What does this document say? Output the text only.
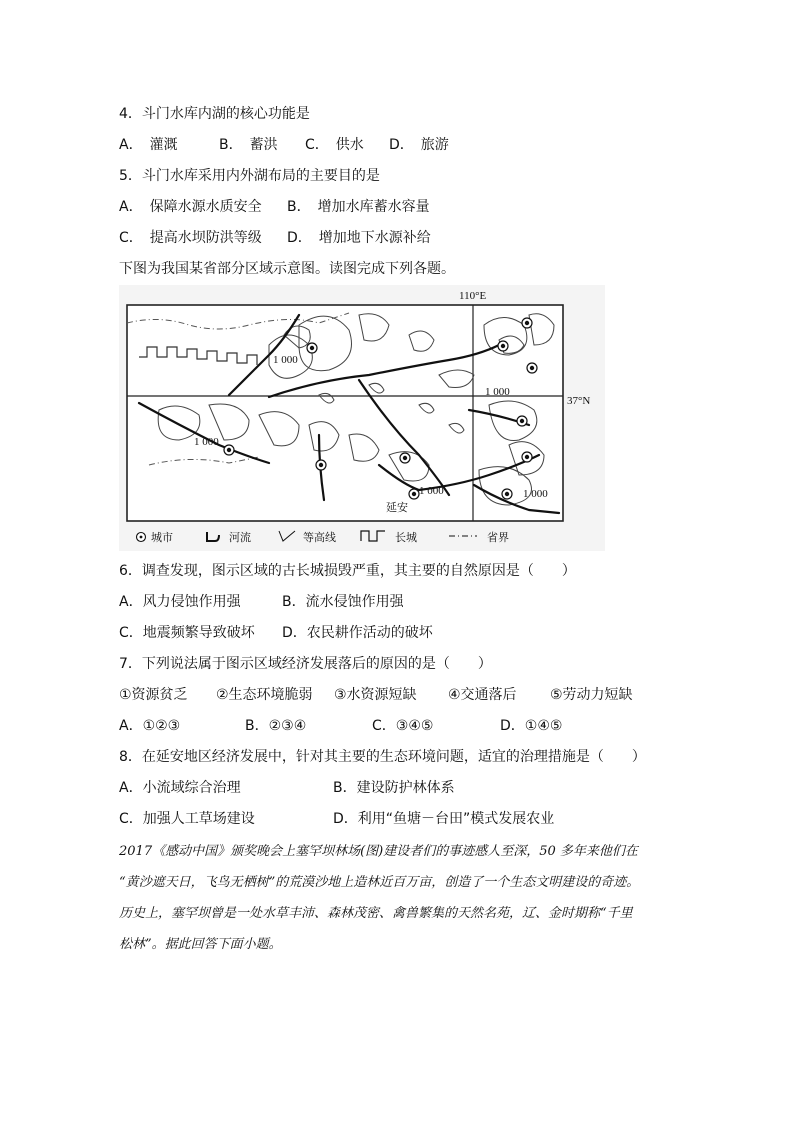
4．斗门水库内湖的核心功能是
A．　灌溉	B．　蓄洪 C．　供水 D．　旅游
5．斗门水库采用内外湖布局的主要目的是
A．　保障水源水质安全 B．　增加水库蓄水容量
C．　提高水坝防洪等级 D．　增加地下水源补给
下图为我国某省部分区域示意图。读图完成下列各题。
110°E
37°N
1 000
1 000
1 000
1 000	1 000
延安
城市	河流	等高线	长城	省界
6．调查发现，图示区域的古长城损毁严重，其主要的自然原因是（　　）
A．风力侵蚀作用强	B．流水侵蚀作用强
C．地震频繁导致破坏 D．农民耕作活动的破坏
7．下列说法属于图示区域经济发展落后的原因的是（　　）
①资源贫乏 ②生态环境脆弱 ③水资源短缺 ④交通落后 ⑤劳动力短缺
A．①②③	B．②③④	C．③④⑤	D．①④⑤
8．在延安地区经济发展中，针对其主要的生态环境问题，适宜的治理措施是（　　）
A．小流域综合治理	B．建设防护林体系
C．加强人工草场建设	D．利用“鱼塘－台田”模式发展农业
2017《感动中国》颁奖晚会上塞罕坝林场(图)建设者们的事迹感人至深，50 多年来他们在
“黄沙遮天日，飞鸟无栖树”的荒漠沙地上造林近百万亩，创造了一个生态文明建设的奇迹。
历史上，塞罕坝曾是一处水草丰沛、森林茂密、禽兽繁集的天然名苑，辽、金时期称“千里
松林”。据此回答下面小题。
